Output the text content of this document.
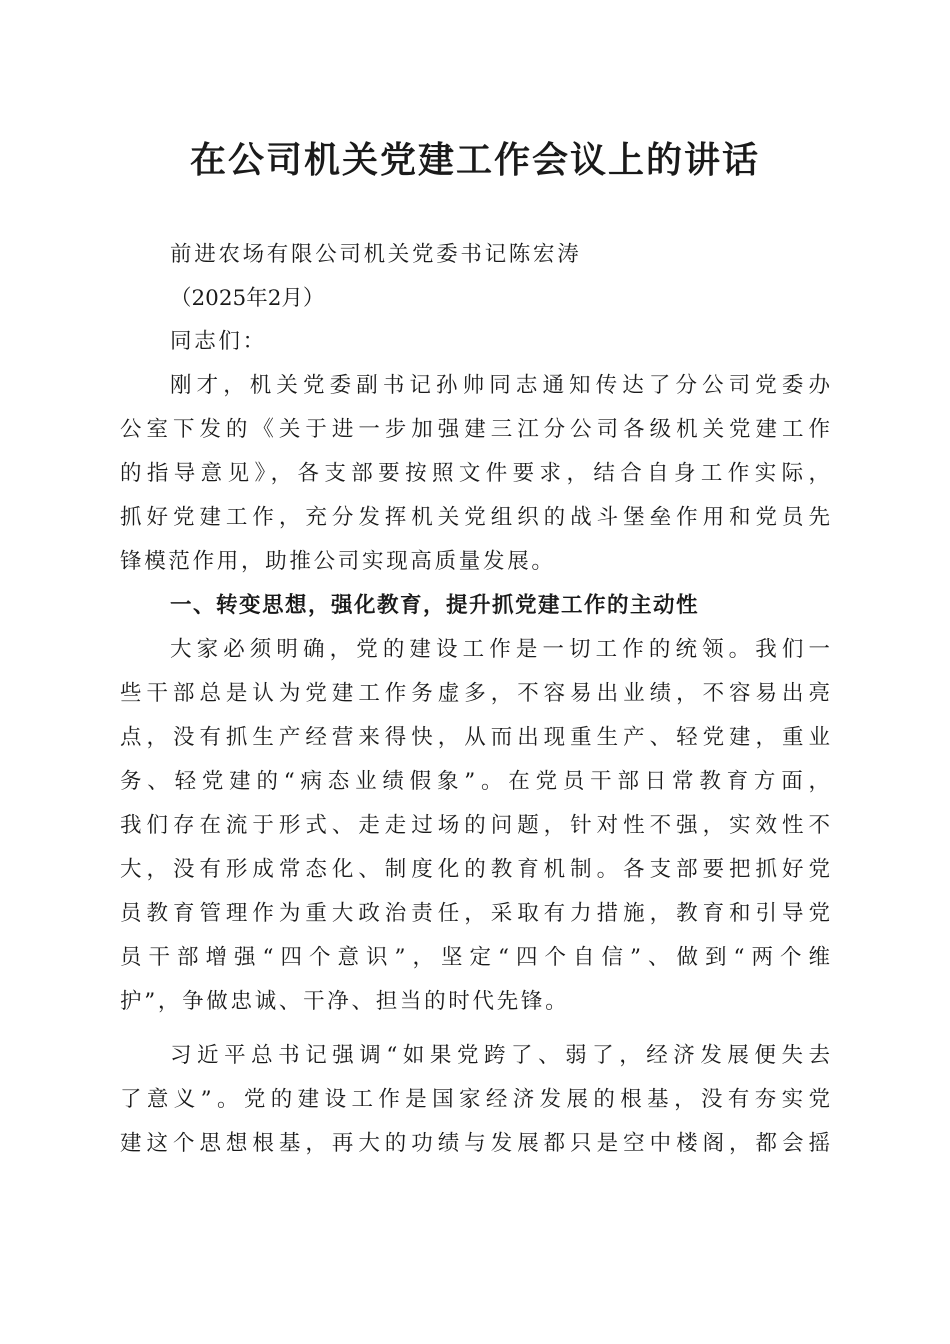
在公司机关党建工作会议上的讲话

前进农场有限公司机关党委书记陈宏涛

（2025年2月）

同志们：

刚才，机关党委副书记孙帅同志通知传达了分公司党委办

公室下发的《关于进一步加强建三江分公司各级机关党建工作

的指导意见》，各支部要按照文件要求，结合自身工作实际，

抓好党建工作，充分发挥机关党组织的战斗堡垒作用和党员先

锋模范作用，助推公司实现高质量发展。

一、转变思想，强化教育，提升抓党建工作的主动性

大家必须明确，党的建设工作是一切工作的统领。我们一

些干部总是认为党建工作务虚多，不容易出业绩，不容易出亮

点，没有抓生产经营来得快，从而出现重生产、轻党建，重业

务、轻党建的“病态业绩假象”。在党员干部日常教育方面，

我们存在流于形式、走走过场的问题，针对性不强，实效性不

大，没有形成常态化、制度化的教育机制。各支部要把抓好党

员教育管理作为重大政治责任，采取有力措施，教育和引导党

员干部增强“四个意识”，坚定“四个自信”、做到“两个维

护”，争做忠诚、干净、担当的时代先锋。

习近平总书记强调“如果党跨了、弱了，经济发展便失去

了意义”。党的建设工作是国家经济发展的根基，没有夯实党

建这个思想根基，再大的功绩与发展都只是空中楼阁，都会摇
